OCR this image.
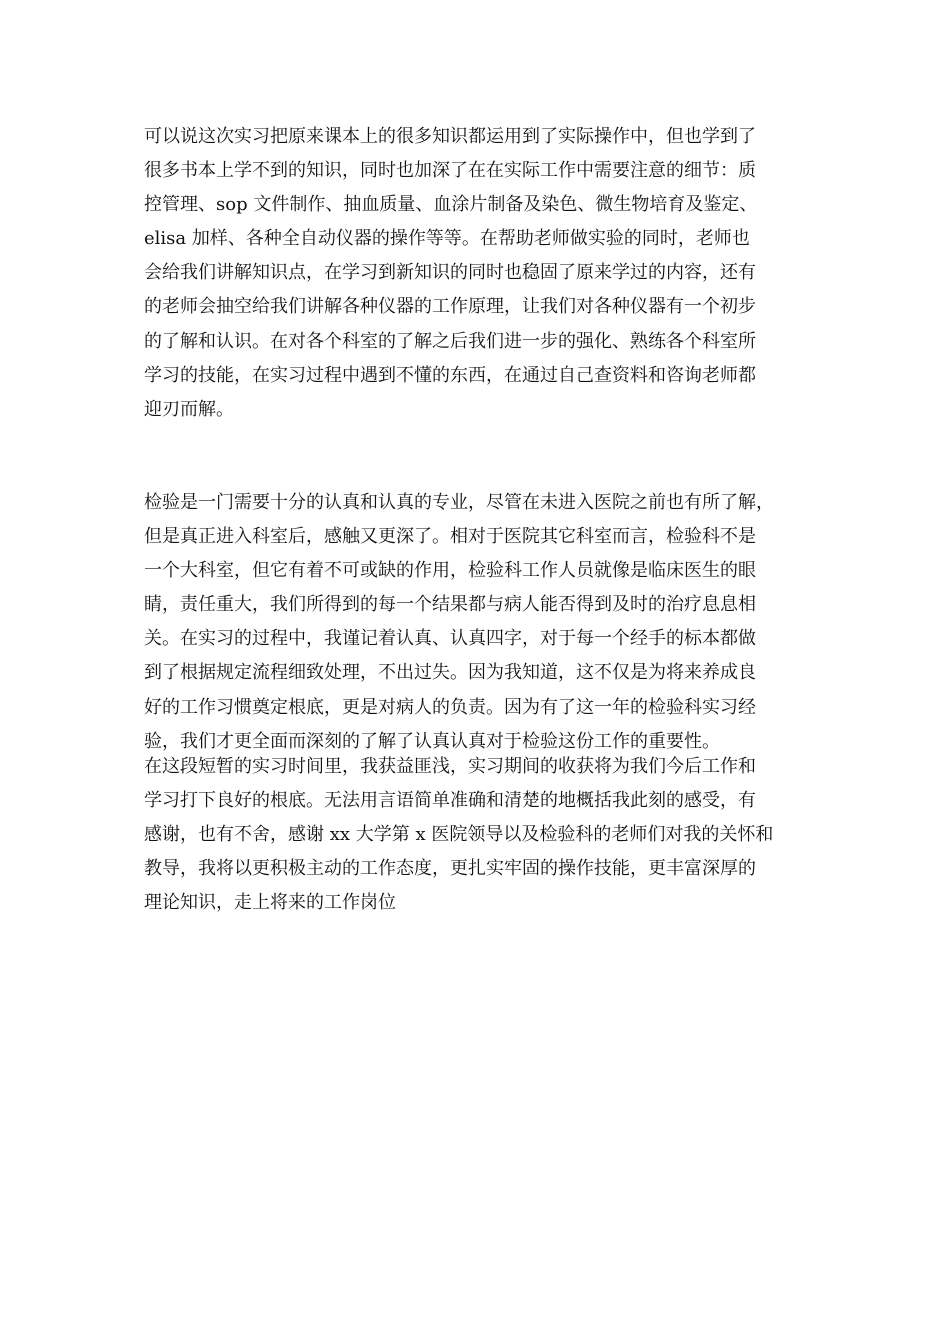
可以说这次实习把原来课本上的很多知识都运用到了实际操作中，但也学到了
很多书本上学不到的知识，同时也加深了在在实际工作中需要注意的细节：质
控管理、sop 文件制作、抽血质量、血涂片制备及染色、微生物培育及鉴定、
elisa 加样、各种全自动仪器的操作等等。在帮助老师做实验的同时，老师也
会给我们讲解知识点，在学习到新知识的同时也稳固了原来学过的内容，还有
的老师会抽空给我们讲解各种仪器的工作原理，让我们对各种仪器有一个初步
的了解和认识。在对各个科室的了解之后我们进一步的强化、熟练各个科室所
学习的技能，在实习过程中遇到不懂的东西，在通过自己查资料和咨询老师都
迎刃而解。
检验是一门需要十分的认真和认真的专业，尽管在未进入医院之前也有所了解，
但是真正进入科室后，感触又更深了。相对于医院其它科室而言，检验科不是
一个大科室，但它有着不可或缺的作用，检验科工作人员就像是临床医生的眼
睛，责任重大，我们所得到的每一个结果都与病人能否得到及时的治疗息息相
关。在实习的过程中，我谨记着认真、认真四字，对于每一个经手的标本都做
到了根据规定流程细致处理，不出过失。因为我知道，这不仅是为将来养成良
好的工作习惯奠定根底，更是对病人的负责。因为有了这一年的检验科实习经
验，我们才更全面而深刻的了解了认真认真对于检验这份工作的重要性。
在这段短暂的实习时间里，我获益匪浅，实习期间的收获将为我们今后工作和
学习打下良好的根底。无法用言语简单准确和清楚的地概括我此刻的感受，有
感谢，也有不舍，感谢 xx 大学第 x 医院领导以及检验科的老师们对我的关怀和
教导，我将以更积极主动的工作态度，更扎实牢固的操作技能，更丰富深厚的
理论知识，走上将来的工作岗位
